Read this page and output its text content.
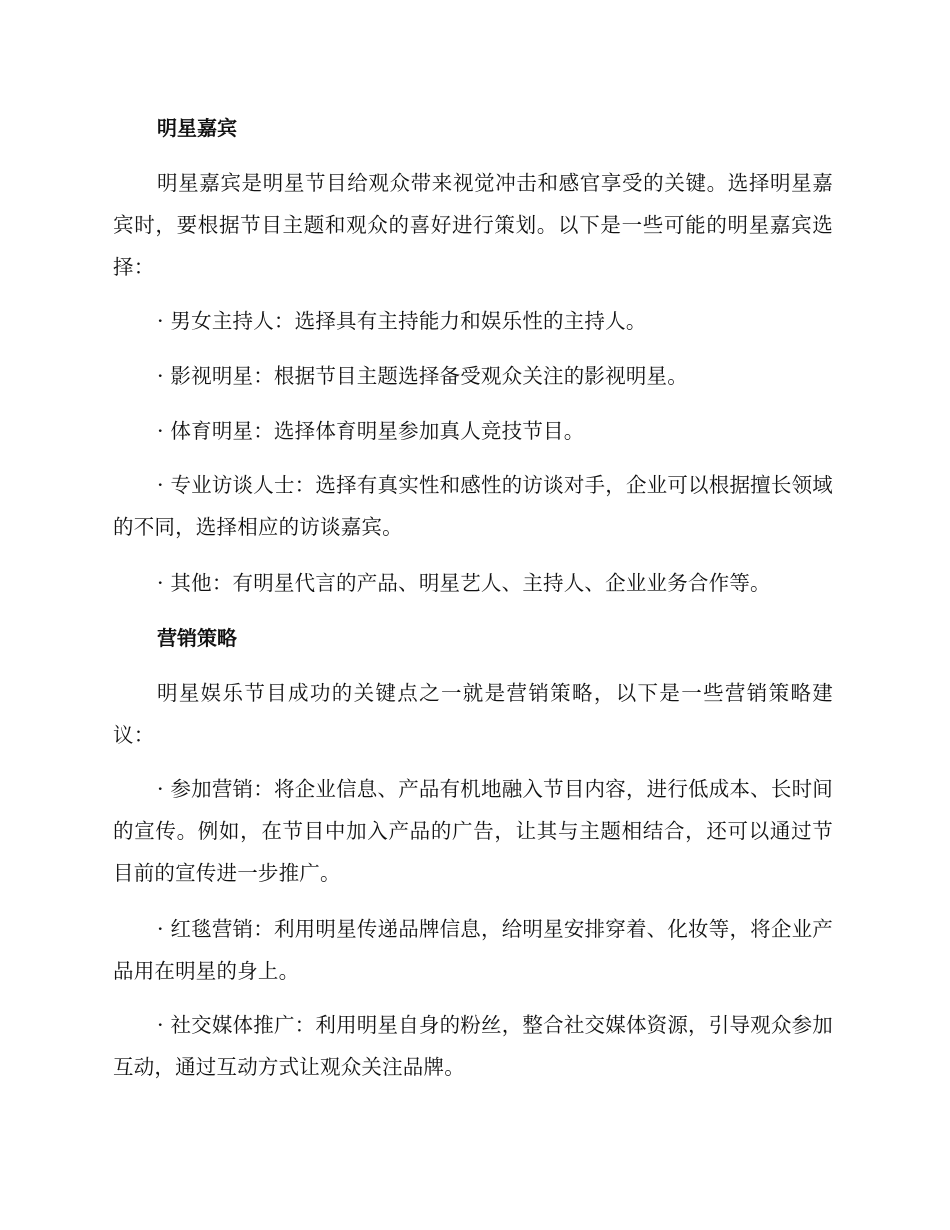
明星嘉宾
明星嘉宾是明星节目给观众带来视觉冲击和感官享受的关键。选择明星嘉宾时，要根据节目主题和观众的喜好进行策划。以下是一些可能的明星嘉宾选择：
· 男女主持人：选择具有主持能力和娱乐性的主持人。
· 影视明星：根据节目主题选择备受观众关注的影视明星。
· 体育明星：选择体育明星参加真人竞技节目。
· 专业访谈人士：选择有真实性和感性的访谈对手，企业可以根据擅长领域的不同，选择相应的访谈嘉宾。
· 其他：有明星代言的产品、明星艺人、主持人、企业业务合作等。
营销策略
明星娱乐节目成功的关键点之一就是营销策略，以下是一些营销策略建议：
· 参加营销：将企业信息、产品有机地融入节目内容，进行低成本、长时间的宣传。例如，在节目中加入产品的广告，让其与主题相结合，还可以通过节目前的宣传进一步推广。
· 红毯营销：利用明星传递品牌信息，给明星安排穿着、化妆等，将企业产品用在明星的身上。
· 社交媒体推广：利用明星自身的粉丝，整合社交媒体资源，引导观众参加互动，通过互动方式让观众关注品牌。
